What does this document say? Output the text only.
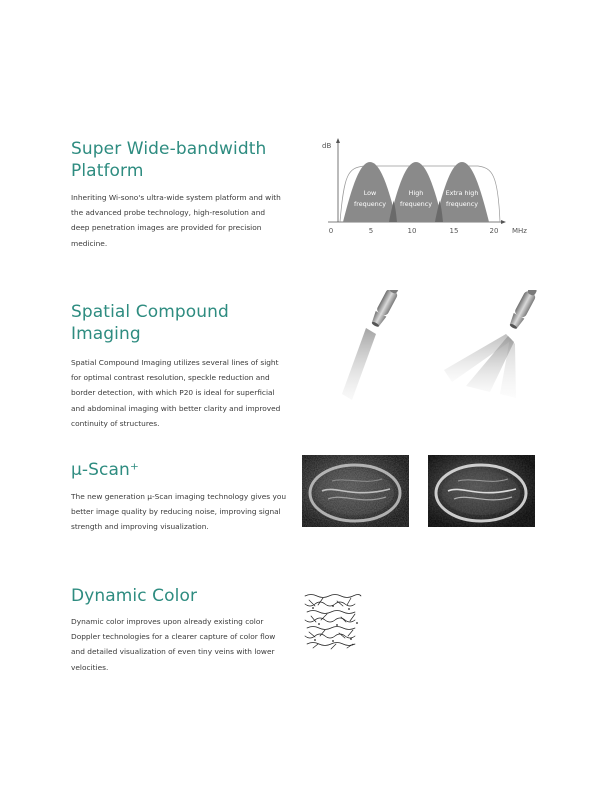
Super Wide-bandwidth
Platform

Inheriting Wi-sono's ultra-wide system platform and with
the advanced probe technology, high-resolution and
deep penetration images are provided for precision
medicine.

dB
Low
frequency
High
frequency
Extra high
frequency
0	5	10	15	20 MHz
Spatial Compound Imaging

Spatial Compound Imaging utilizes several lines of sight
for optimal contrast resolution, speckle reduction and
border detection, with which P20 is ideal for superficial
and abdominal imaging with better clarity and improved
continuity of structures.

µ-Scan⁺

The new generation µ-Scan imaging technology gives you
better image quality by reducing noise, improving signal
strength and improving visualization.

Dynamic Color

Dynamic color improves upon already existing color
Doppler technologies for a clearer capture of color flow
and detailed visualization of even tiny veins with lower
velocities.
